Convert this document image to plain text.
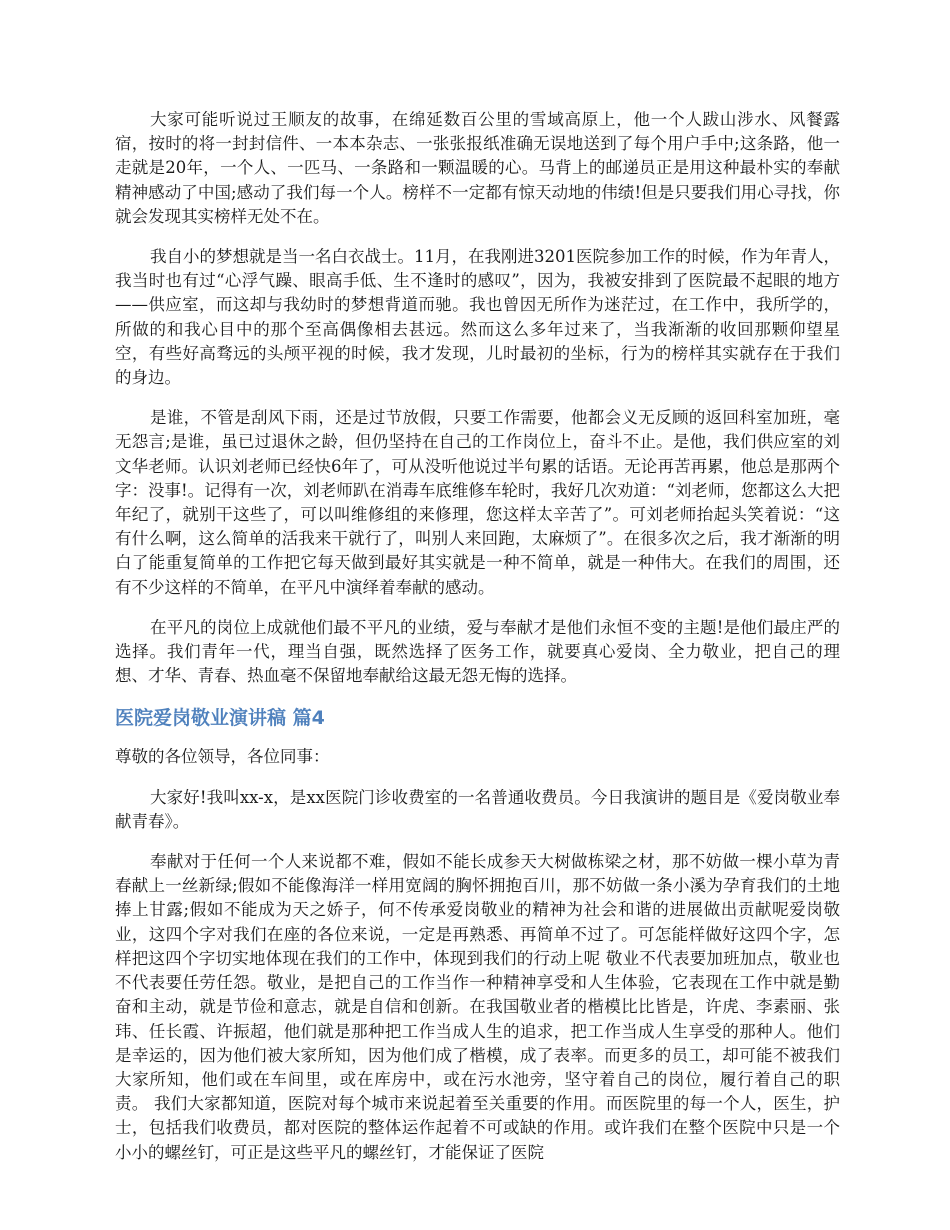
大家可能听说过王顺友的故事，在绵延数百公里的雪域高原上，他一个人跋山涉水、风餐露宿，按时的将一封封信件、一本本杂志、一张张报纸准确无误地送到了每个用户手中;这条路，他一走就是20年，一个人、一匹马、一条路和一颗温暖的心。马背上的邮递员正是用这种最朴实的奉献精神感动了中国;感动了我们每一个人。榜样不一定都有惊天动地的伟绩!但是只要我们用心寻找，你就会发现其实榜样无处不在。

我自小的梦想就是当一名白衣战士。11月，在我刚进3201医院参加工作的时候，作为年青人，我当时也有过“心浮气躁、眼高手低、生不逢时的感叹”，因为，我被安排到了医院最不起眼的地方——供应室，而这却与我幼时的梦想背道而驰。我也曾因无所作为迷茫过，在工作中，我所学的，所做的和我心目中的那个至高偶像相去甚远。然而这么多年过来了，当我渐渐的收回那颗仰望星空，有些好高骛远的头颅平视的时候，我才发现，儿时最初的坐标，行为的榜样其实就存在于我们的身边。

是谁，不管是刮风下雨，还是过节放假，只要工作需要，他都会义无反顾的返回科室加班，毫无怨言;是谁，虽已过退休之龄，但仍坚持在自己的工作岗位上，奋斗不止。是他，我们供应室的刘文华老师。认识刘老师已经快6年了，可从没听他说过半句累的话语。无论再苦再累，他总是那两个字：没事!。记得有一次，刘老师趴在消毒车底维修车轮时，我好几次劝道：“刘老师，您都这么大把年纪了，就别干这些了，可以叫维修组的来修理，您这样太辛苦了”。可刘老师抬起头笑着说：“这有什么啊，这么简单的活我来干就行了，叫别人来回跑，太麻烦了”。在很多次之后，我才渐渐的明白了能重复简单的工作把它每天做到最好其实就是一种不简单，就是一种伟大。在我们的周围，还有不少这样的不简单，在平凡中演绎着奉献的感动。

在平凡的岗位上成就他们最不平凡的业绩，爱与奉献才是他们永恒不变的主题!是他们最庄严的选择。我们青年一代，理当自强，既然选择了医务工作，就要真心爱岗、全力敬业，把自己的理想、才华、青春、热血毫不保留地奉献给这最无怨无悔的选择。

医院爱岗敬业演讲稿 篇4

尊敬的各位领导，各位同事：

大家好!我叫xx-x，是xx医院门诊收费室的一名普通收费员。今日我演讲的题目是《爱岗敬业奉献青春》。

奉献对于任何一个人来说都不难，假如不能长成参天大树做栋梁之材，那不妨做一棵小草为青春献上一丝新绿;假如不能像海洋一样用宽阔的胸怀拥抱百川，那不妨做一条小溪为孕育我们的土地捧上甘露;假如不能成为天之娇子，何不传承爱岗敬业的精神为社会和谐的进展做出贡献呢爱岗敬业，这四个字对我们在座的各位来说，一定是再熟悉、再简单不过了。可怎能样做好这四个字，怎样把这四个字切实地体现在我们的工作中，体现到我们的行动上呢 敬业不代表要加班加点，敬业也不代表要任劳任怨。敬业，是把自己的工作当作一种精神享受和人生体验，它表现在工作中就是勤奋和主动，就是节俭和意志，就是自信和创新。在我国敬业者的楷模比比皆是，许虎、李素丽、张玮、任长霞、许振超，他们就是那种把工作当成人生的追求，把工作当成人生享受的那种人。他们是幸运的，因为他们被大家所知，因为他们成了楷模，成了表率。而更多的员工，却可能不被我们大家所知，他们或在车间里，或在库房中，或在污水池旁，坚守着自己的岗位，履行着自己的职责。 我们大家都知道，医院对每个城市来说起着至关重要的作用。而医院里的每一个人，医生，护士，包括我们收费员，都对医院的整体运作起着不可或缺的作用。或许我们在整个医院中只是一个小小的螺丝钉，可正是这些平凡的螺丝钉，才能保证了医院
